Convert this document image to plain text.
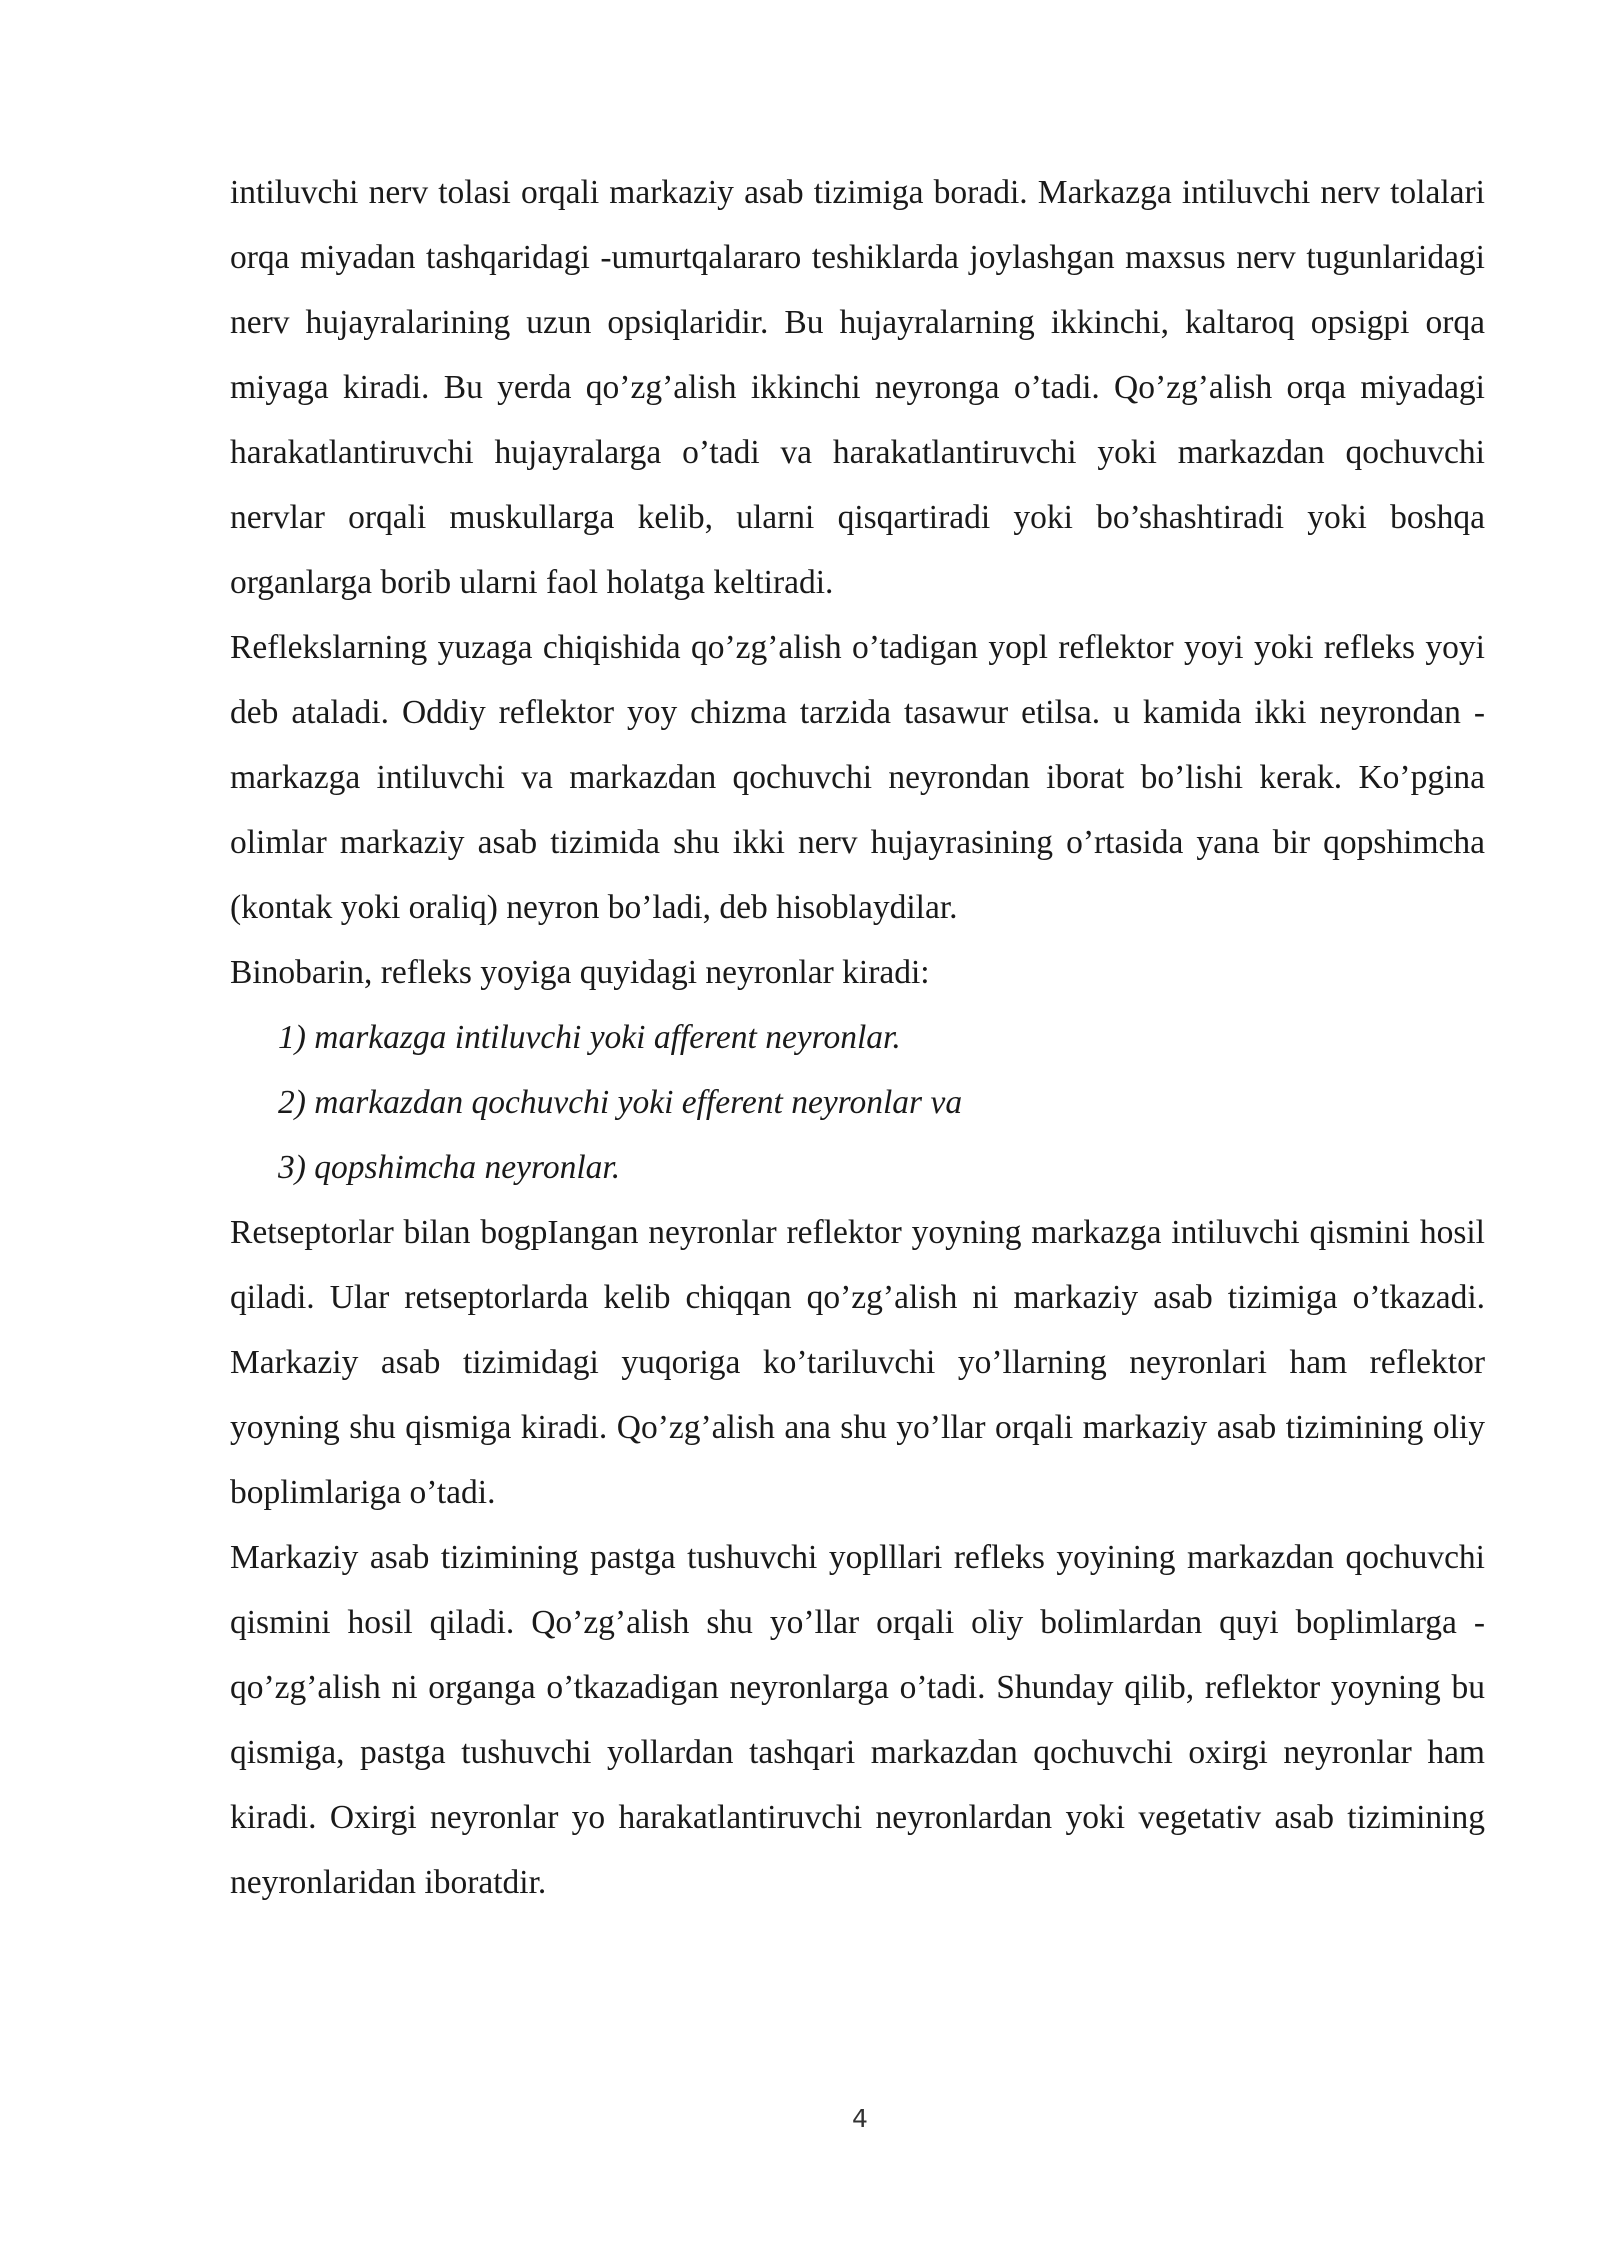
intiluvchi nerv tolasi orqali markaziy asab tizimiga boradi. Markazga intiluvchi nerv tolalari orqa miyadan tashqaridagi -umurtqalararo teshiklarda joylashgan maxsus nerv tugunlaridagi nerv hujayralarining uzun opsiqlaridir. Bu hujayralarning ikkinchi, kaltaroq opsigpi orqa miyaga kiradi. Bu yerda qo’zg’alish ikkinchi neyronga o’tadi. Qo’zg’alish orqa miyadagi harakatlantiruvchi hujayralarga o’tadi va harakatlantiruvchi yoki markazdan qochuvchi nervlar orqali muskullarga kelib, ularni qisqartiradi yoki bo’shashtiradi yoki boshqa organlarga borib ularni faol holatga keltiradi.

Reflekslarning yuzaga chiqishida qo’zg’alish o’tadigan yopl reflektor yoyi yoki refleks yoyi deb ataladi. Oddiy reflektor yoy chizma tarzida tasawur etilsa. u kamida ikki neyrondan - markazga intiluvchi va markazdan qochuvchi neyrondan iborat bo’lishi kerak. Ko’pgina olimlar markaziy asab tizimida shu ikki nerv hujayrasining o’rtasida yana bir qopshimcha (kontak yoki oraliq) neyron bo’ladi, deb hisoblaydilar.

Binobarin, refleks yoyiga quyidagi neyronlar kiradi:

1) markazga intiluvchi yoki afferent neyronlar.
2) markazdan qochuvchi yoki efferent neyronlar va
3) qopshimcha neyronlar.

Retseptorlar bilan bogpIangan neyronlar reflektor yoyning markazga intiluvchi qismini hosil qiladi. Ular retseptorlarda kelib chiqqan qo’zg’alish ni markaziy asab tizimiga o’tkazadi. Markaziy asab tizimidagi yuqoriga ko’tariluvchi yo’llarning neyronlari ham reflektor yoyning shu qismiga kiradi. Qo’zg’alish ana shu yo’llar orqali markaziy asab tizimining oliy boplimlariga o’tadi.

Markaziy asab tizimining pastga tushuvchi yoplllari refleks yoyining markazdan qochuvchi qismini hosil qiladi. Qo’zg’alish shu yo’llar orqali oliy bolimlardan quyi boplimlarga - qo’zg’alish ni organga o’tkazadigan neyronlarga o’tadi. Shunday qilib, reflektor yoyning bu qismiga, pastga tushuvchi yollardan tashqari markazdan qochuvchi oxirgi neyronlar ham kiradi. Oxirgi neyronlar yo harakatlantiruvchi neyronlardan yoki vegetativ asab tizimining neyronlaridan iboratdir.

4
